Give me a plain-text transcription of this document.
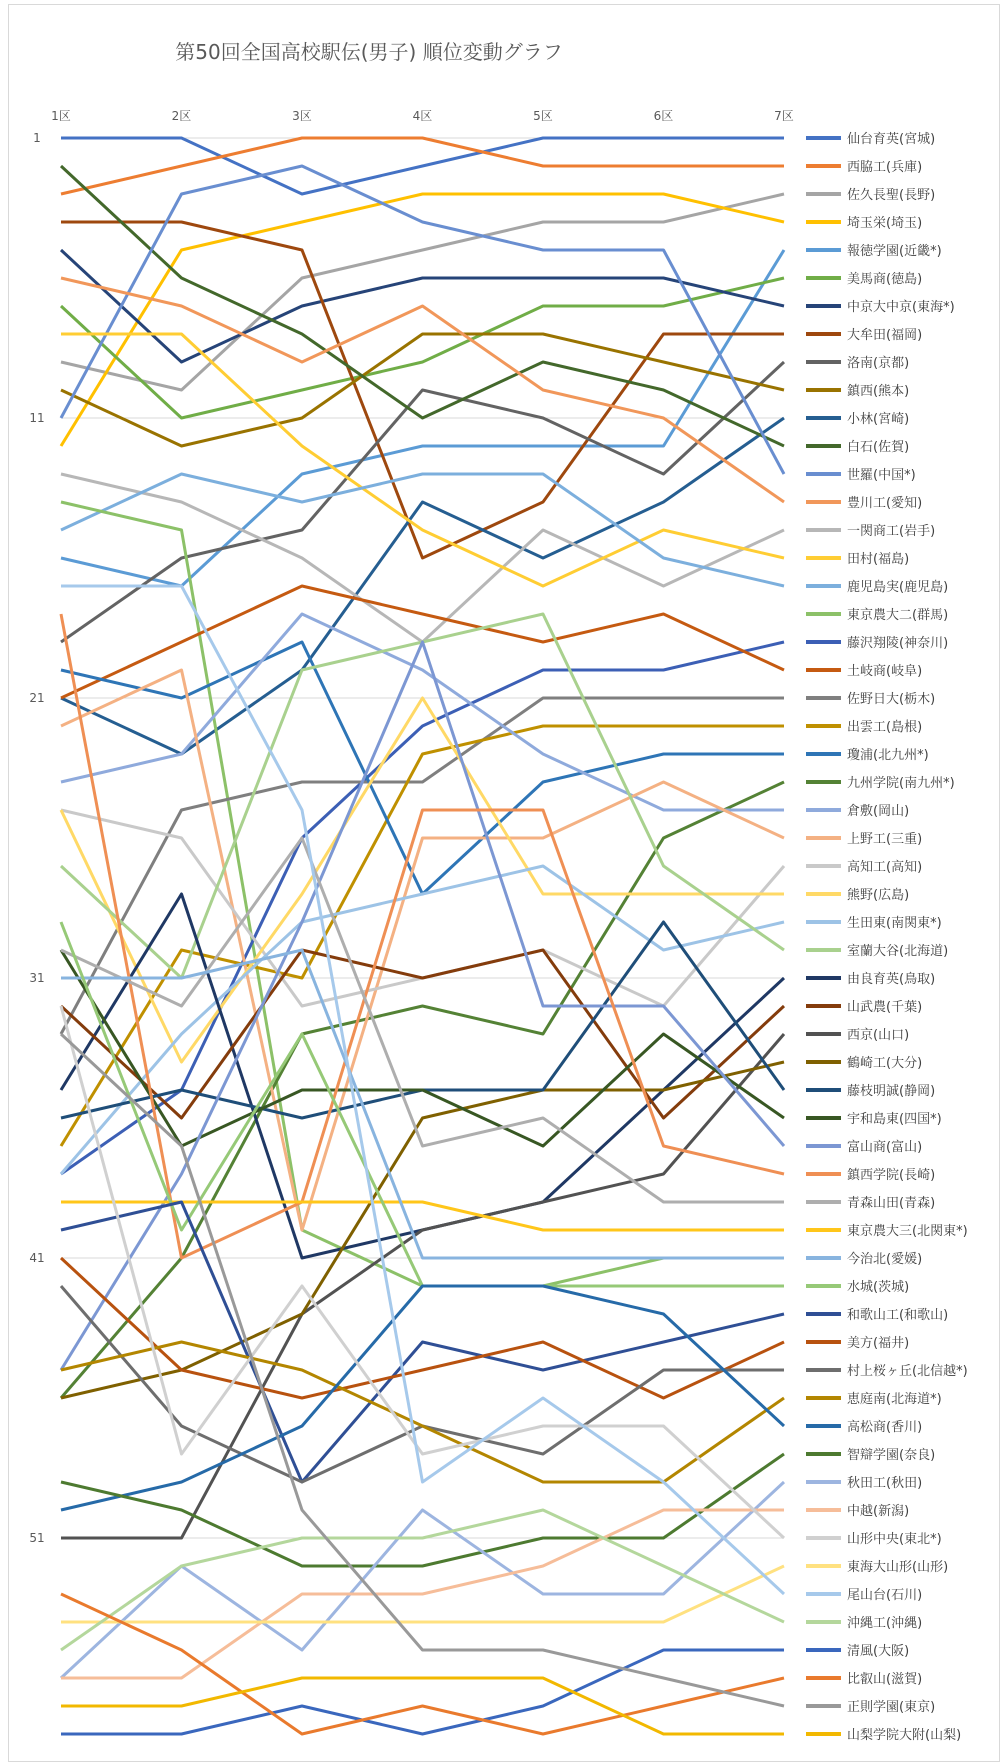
第50回全国高校駅伝(男子) 順位変動グラフ
1区	2区	3区	4区	5区	6区	7区
1
11
21
31
41
51
仙台育英(宮城)
西脇工(兵庫)
佐久長聖(長野)
埼玉栄(埼玉)
報徳学園(近畿*)
美馬商(徳島)
中京大中京(東海*)
大牟田(福岡)
洛南(京都)
鎮西(熊本)
小林(宮崎)
白石(佐賀)
世羅(中国*)
豊川工(愛知)
一関商工(岩手)
田村(福島)
鹿児島実(鹿児島)
東京農大二(群馬)
藤沢翔陵(神奈川)
土岐商(岐阜)
佐野日大(栃木)
出雲工(島根)
瓊浦(北九州*)
九州学院(南九州*)
倉敷(岡山)
上野工(三重)
高知工(高知)
熊野(広島)
生田東(南関東*)
室蘭大谷(北海道)
由良育英(鳥取)
山武農(千葉)
西京(山口)
鶴崎工(大分)
藤枝明誠(静岡)
宇和島東(四国*)
富山商(富山)
鎮西学院(長崎)
青森山田(青森)
東京農大三(北関東*)
今治北(愛媛)
水城(茨城)
和歌山工(和歌山)
美方(福井)
村上桜ヶ丘(北信越*)
恵庭南(北海道*)
高松商(香川)
智辯学園(奈良)
秋田工(秋田)
中越(新潟)
山形中央(東北*)
東海大山形(山形)
尾山台(石川)
沖縄工(沖縄)
清風(大阪)
比叡山(滋賀)
正則学園(東京)
山梨学院大附(山梨)
